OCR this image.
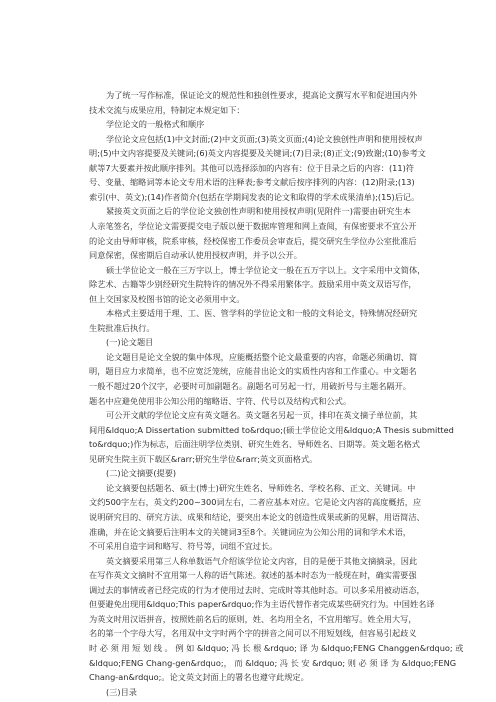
为了统一写作标准，保证论文的规范性和独创性要求，提高论文撰写水平和促进国内外
技术交流与成果应用，特制定本规定如下：
学位论文的一般格式和顺序
学位论文应包括(1)中文封面;(2)中文页面;(3)英文页面;(4)论文独创性声明和使用授权声
明;(5)中文内容提要及关键词;(6)英文内容提要及关键词;(7)目录;(8)正文;(9)致谢;(10)参考文
献等7大要素并按此顺序排列。其他可以选择添加的内容有：位于目录之后的内容：(11)符
号、变量、缩略词等本论文专用术语的注释表;参考文献后按序排列的内容：(12)附录;(13)
索引(中、英文);(14)作者简介(包括在学期间发表的论文和取得的学术成果清单);(15)后记。
紧接英文页面之后的学位论文独创性声明和使用授权声明(见附件一)需要由研究生本
人亲笔签名，学位论文需要提交电子版以便于数据库管理和网上查阅，有保密要求不宜公开
的论文由导师审核，院系审核，经校保密工作委员会审查后，提交研究生学位办公室批准后
同意保密，保密期后自动承认使用授权声明，并予以公开。
硕士学位论文一般在三万字以上，博士学位论文一般在五万字以上。文字采用中文简体，
除艺术、古籍等少别经研究生院特许的情况外不得采用繁体字。鼓励采用中英文双语写作，
但上交国家及校图书馆的论文必须用中文。
本格式主要适用于理、工、医、管学科的学位论文和一般的文科论文，特殊情况经研究
生院批准后执行。
(一)论文题目
论文题目是论文全貌的集中体现，应能概括整个论文最重要的内容，命题必须确切、简
明，题目应力求简单，也不应宽泛笼统，应能昔出论文的实质性内容和工作重心。中文题名
一般不超过20个汉字，必要时可加副题名。副题名可另起一行，用破折号与主题名隔开。
题名中应避免使用非公知公用的缩略语、字符、代号以及结构式和公式。
可公开文献的学位论文应有英文题名。英文题名另起一页，排印在英文摘子单位前，其
间用&ldquo;A Dissertation submitted to&rdquo;(硕士学位论文用&ldquo;A Thesis submitted
to&rdquo;)作为标志，后面注明学位类别、研究生姓名、导师姓名、日期等。英文题名格式
见研究生院主页下载区&rarr;研究生学位&rarr;英文页面格式。
(二)论文摘要(提要)
论文摘要包括题名、硕士(博士)研究生姓名、导师姓名、学校名称、正文、关键词。中
文约500字左右，英文约200~300词左右，二者应基本对应。它是论文内容的高度概括，应
说明研究目的、研究方法、成果和结论，要突出本论文的创造性成果或新的见解，用语简洁、
准确，并在论文摘要后注明本文的关键词3至8个。关键词应为公知公用的词和学术术语，
不可采用自造字词和略写、符号等，词组不宜过长。
英文摘要采用第三人称单数语气介绍该学位论文内容，目的是便于其他文摘摘录，因此
在写作英文文摘时不宜用第一人称的语气陈述。叙述的基本时态为一般现在时，确实需要强
调过去的事情或者已经完成的行为才使用过去时、完成时等其他时态。可以多采用被动语态，
但要避免出现用&ldquo;This paper&rdquo;作为主语代替作者完成某些研究行为。中国姓名译
为英文时用汉语拼音，按照姓前名后的原则，姓、名均用全名，不宜用缩写。姓全用大写，
名的第一个字母大写，名用双中文字时两个字的拼音之间可以不用短划线，但容易引起歧义
时 必 须 用 短 划 线 。 例 如 &ldquo; 冯 长 根 &rdquo; 译 为 &ldquo;FENG Changgen&rdquo; 或
&ldquo;FENG Chang-gen&rdquo;， 而 &ldquo; 冯 长 安 &rdquo; 则 必 须 译 为 &ldquo;FENG
Chang-an&rdquo;。论文英文封面上的署名也遵守此规定。
(三)目录
